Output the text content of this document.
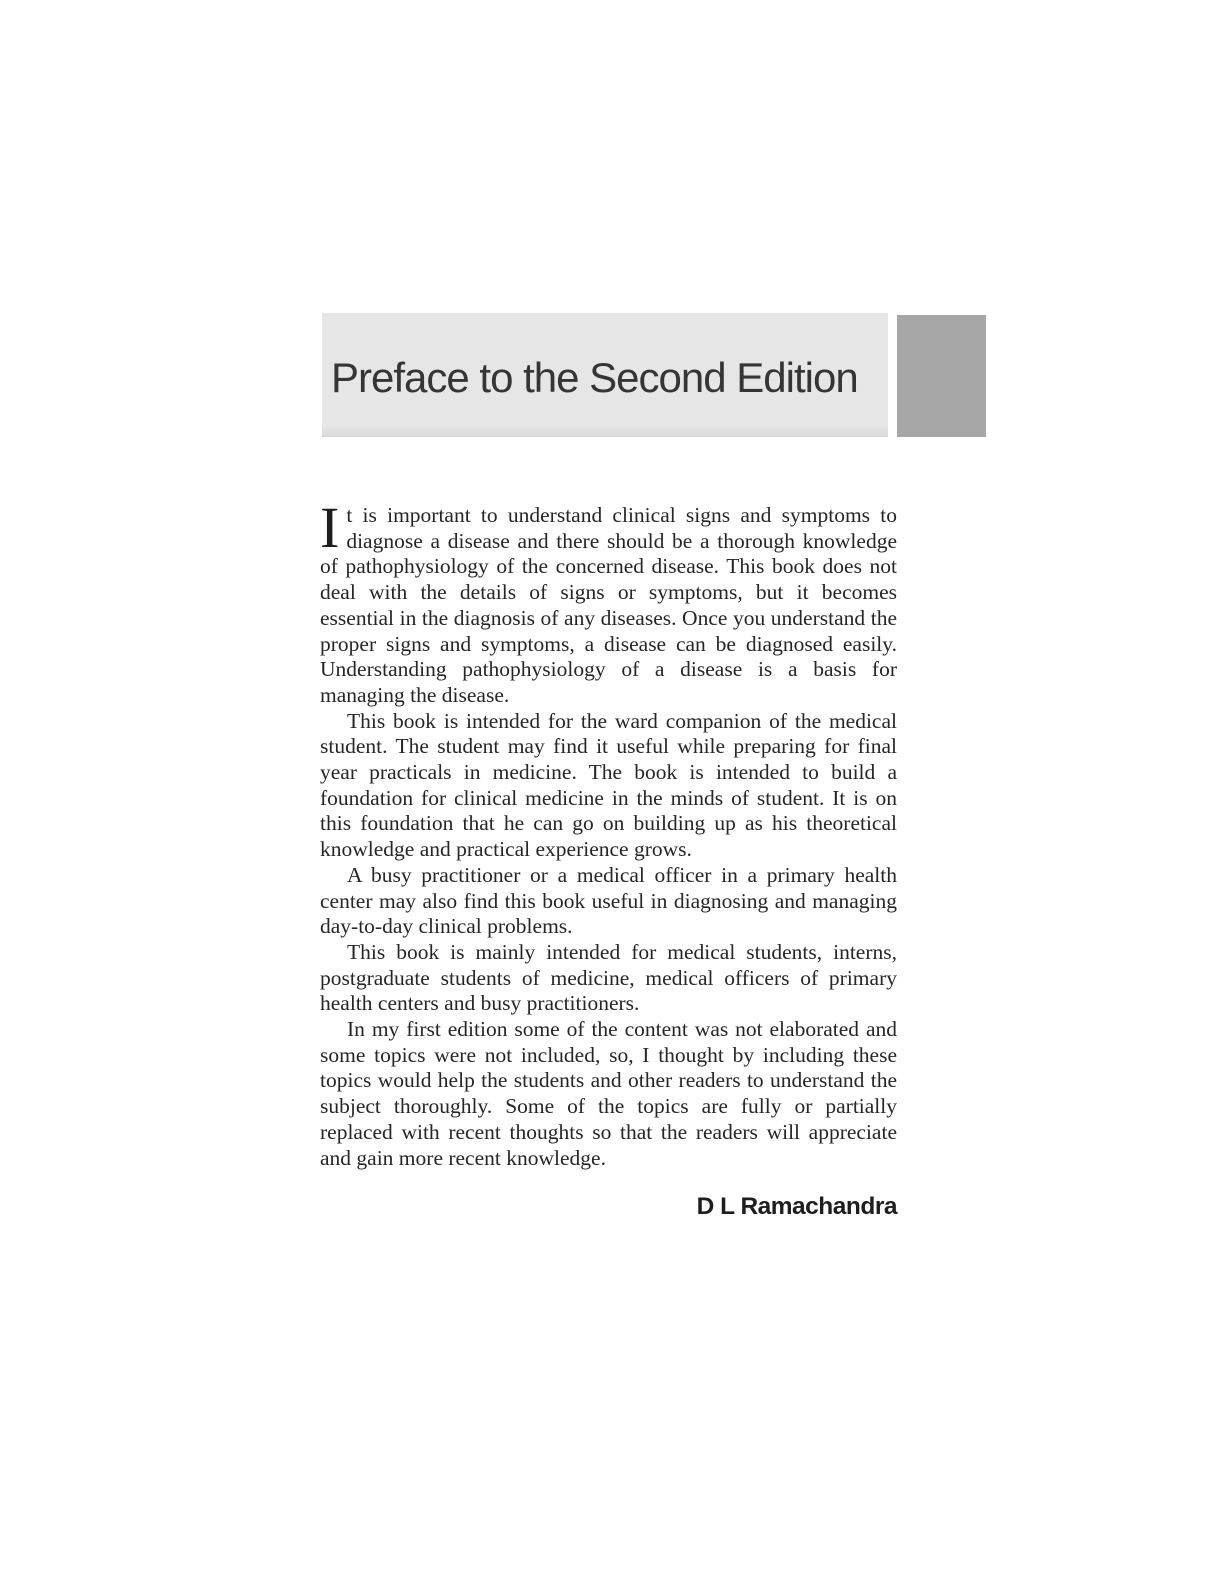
Preface to the Second Edition

It is important to understand clinical signs and symptoms to diagnose a disease and there should be a thorough knowledge of pathophysiology of the concerned disease. This book does not deal with the details of signs or symptoms, but it becomes essential in the diagnosis of any diseases. Once you understand the proper signs and symptoms, a disease can be diagnosed easily. Understanding pathophysiology of a disease is a basis for managing the disease.

This book is intended for the ward companion of the medical student. The student may find it useful while preparing for final year practicals in medicine. The book is intended to build a foundation for clinical medicine in the minds of student. It is on this foundation that he can go on building up as his theoretical knowledge and practical experience grows.

A busy practitioner or a medical officer in a primary health center may also find this book useful in diagnosing and managing day-to-day clinical problems.

This book is mainly intended for medical students, interns, postgraduate students of medicine, medical officers of primary health centers and busy practitioners.

In my first edition some of the content was not elaborated and some topics were not included, so, I thought by including these topics would help the students and other readers to understand the subject thoroughly. Some of the topics are fully or partially replaced with recent thoughts so that the readers will appreciate and gain more recent knowledge.

D L Ramachandra
